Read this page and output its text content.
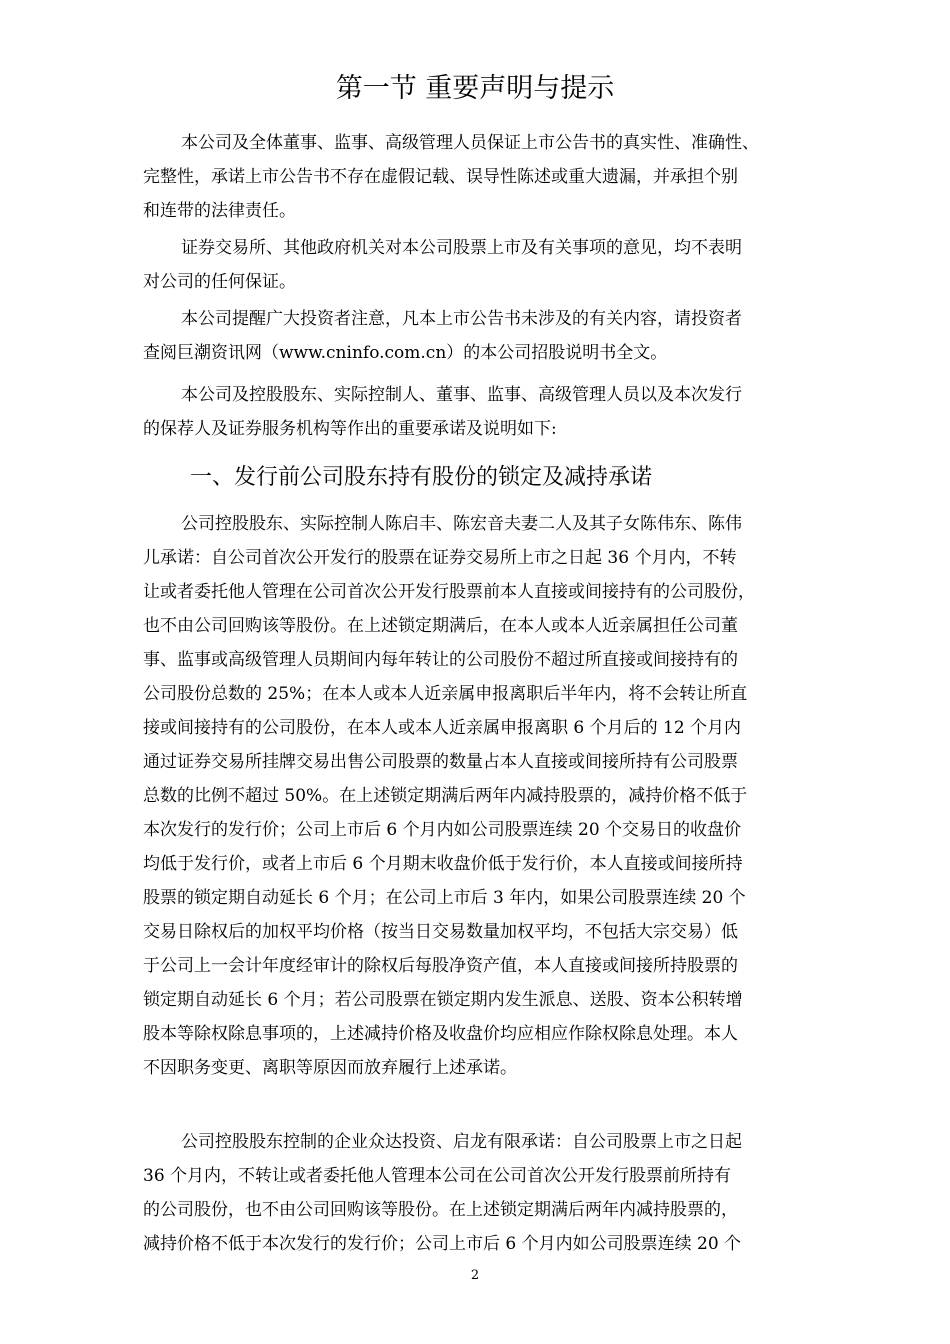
第一节 重要声明与提示

本公司及全体董事、监事、高级管理人员保证上市公告书的真实性、准确性、
完整性，承诺上市公告书不存在虚假记载、误导性陈述或重大遗漏，并承担个别
和连带的法律责任。

证券交易所、其他政府机关对本公司股票上市及有关事项的意见，均不表明
对公司的任何保证。

本公司提醒广大投资者注意，凡本上市公告书未涉及的有关内容，请投资者
查阅巨潮资讯网（www.cninfo.com.cn）的本公司招股说明书全文。

本公司及控股股东、实际控制人、董事、监事、高级管理人员以及本次发行
的保荐人及证券服务机构等作出的重要承诺及说明如下:

一、发行前公司股东持有股份的锁定及减持承诺

公司控股股东、实际控制人陈启丰、陈宏音夫妻二人及其子女陈伟东、陈伟
儿承诺：自公司首次公开发行的股票在证券交易所上市之日起 36 个月内，不转
让或者委托他人管理在公司首次公开发行股票前本人直接或间接持有的公司股份，
也不由公司回购该等股份。在上述锁定期满后，在本人或本人近亲属担任公司董
事、监事或高级管理人员期间内每年转让的公司股份不超过所直接或间接持有的
公司股份总数的 25%；在本人或本人近亲属申报离职后半年内，将不会转让所直
接或间接持有的公司股份，在本人或本人近亲属申报离职 6 个月后的 12 个月内
通过证券交易所挂牌交易出售公司股票的数量占本人直接或间接所持有公司股票
总数的比例不超过 50%。在上述锁定期满后两年内减持股票的，减持价格不低于
本次发行的发行价；公司上市后 6 个月内如公司股票连续 20 个交易日的收盘价
均低于发行价，或者上市后 6 个月期末收盘价低于发行价，本人直接或间接所持
股票的锁定期自动延长 6 个月；在公司上市后 3 年内，如果公司股票连续 20 个
交易日除权后的加权平均价格（按当日交易数量加权平均，不包括大宗交易）低
于公司上一会计年度经审计的除权后每股净资产值，本人直接或间接所持股票的
锁定期自动延长 6 个月；若公司股票在锁定期内发生派息、送股、资本公积转增
股本等除权除息事项的，上述减持价格及收盘价均应相应作除权除息处理。本人
不因职务变更、离职等原因而放弃履行上述承诺。

公司控股股东控制的企业众达投资、启龙有限承诺：自公司股票上市之日起
36 个月内，不转让或者委托他人管理本公司在公司首次公开发行股票前所持有
的公司股份，也不由公司回购该等股份。在上述锁定期满后两年内减持股票的，
减持价格不低于本次发行的发行价；公司上市后 6 个月内如公司股票连续 20 个

2
